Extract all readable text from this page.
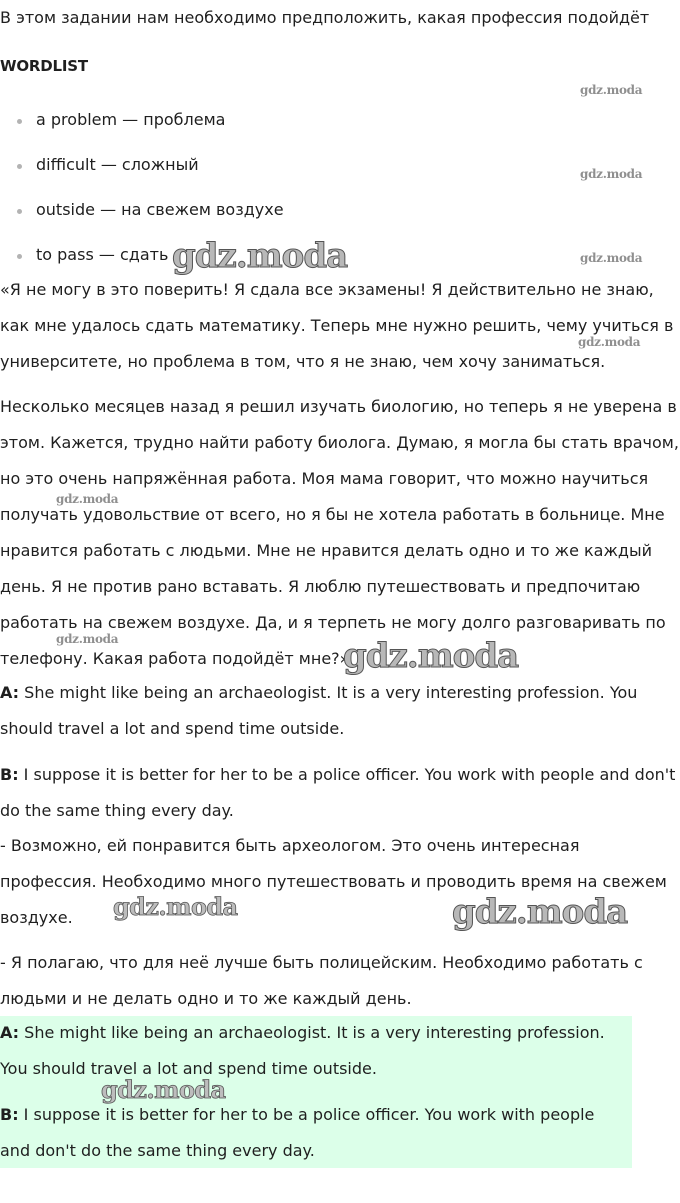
В этом задании нам необходимо предположить, какая профессия подойдёт

WORDLIST
a problem — проблема
difficult — сложный
outside — на свежем воздухе
to pass — сдать

«Я не могу в это поверить! Я сдала все экзамены! Я действительно не знаю, как мне удалось сдать математику. Теперь мне нужно решить, чему учиться в университете, но проблема в том, что я не знаю, чем хочу заниматься.

Несколько месяцев назад я решил изучать биологию, но теперь я не уверена в этом. Кажется, трудно найти работу биолога. Думаю, я могла бы стать врачом, но это очень напряжённая работа. Моя мама говорит, что можно научиться получать удовольствие от всего, но я бы не хотела работать в больнице. Мне нравится работать с людьми. Мне не нравится делать одно и то же каждый день. Я не против рано вставать. Я люблю путешествовать и предпочитаю работать на свежем воздухе. Да, и я терпеть не могу долго разговаривать по телефону. Какая работа подойдёт мне?»

A: She might like being an archaeologist. It is a very interesting profession. You should travel a lot and spend time outside.

B: I suppose it is better for her to be a police officer. You work with people and don't do the same thing every day.

- Возможно, ей понравится быть археологом. Это очень интересная профессия. Необходимо много путешествовать и проводить время на свежем воздухе.

- Я полагаю, что для неё лучше быть полицейским. Необходимо работать с людьми и не делать одно и то же каждый день.

A: She might like being an archaeologist. It is a very interesting profession. You should travel a lot and spend time outside.

B: I suppose it is better for her to be a police officer. You work with people and don't do the same thing every day.

gdz.moda
gdz.moda
gdz.moda
gdz.moda
gdz.moda
gdz.moda
gdz.moda
gdz.moda
gdz.moda
gdz.moda
gdz.moda
